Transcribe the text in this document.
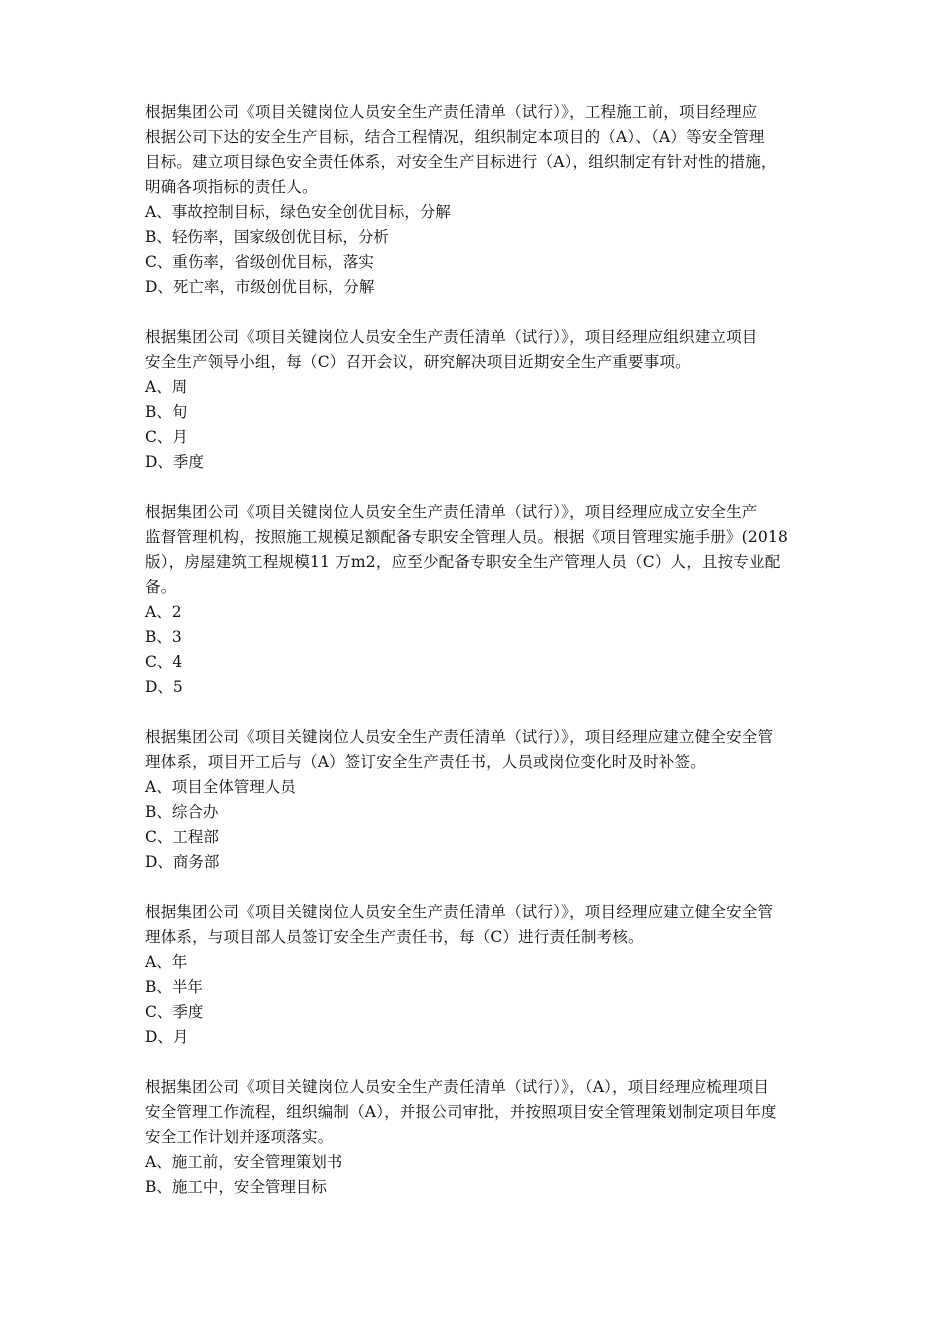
根据集团公司《项目关键岗位人员安全生产责任清单（试行）》，工程施工前，项目经理应
根据公司下达的安全生产目标，结合工程情况，组织制定本项目的（A）、（A）等安全管理
目标。建立项目绿色安全责任体系，对安全生产目标进行（A），组织制定有针对性的措施，
明确各项指标的责任人。

A、事故控制目标，绿色安全创优目标，分解

B、轻伤率，国家级创优目标，分析

C、重伤率，省级创优目标，落实

D、死亡率，市级创优目标，分解

根据集团公司《项目关键岗位人员安全生产责任清单（试行）》，项目经理应组织建立项目
安全生产领导小组，每（C）召开会议，研究解决项目近期安全生产重要事项。

A、周

B、旬

C、月

D、季度

根据集团公司《项目关键岗位人员安全生产责任清单（试行）》，项目经理应成立安全生产
监督管理机构，按照施工规模足额配备专职安全管理人员。根据《项目管理实施手册》(2018
版），房屋建筑工程规模11 万m2，应至少配备专职安全生产管理人员（C）人，且按专业配
备。

A、2

B、3

C、4

D、5

根据集团公司《项目关键岗位人员安全生产责任清单（试行）》，项目经理应建立健全安全管
理体系，项目开工后与（A）签订安全生产责任书，人员或岗位变化时及时补签。

A、项目全体管理人员

B、综合办

C、工程部

D、商务部

根据集团公司《项目关键岗位人员安全生产责任清单（试行）》，项目经理应建立健全安全管
理体系，与项目部人员签订安全生产责任书，每（C）进行责任制考核。

A、年

B、半年

C、季度

D、月

根据集团公司《项目关键岗位人员安全生产责任清单（试行）》，（A），项目经理应梳理项目
安全管理工作流程，组织编制（A），并报公司审批，并按照项目安全管理策划制定项目年度
安全工作计划并逐项落实。

A、施工前，安全管理策划书

B、施工中，安全管理目标
